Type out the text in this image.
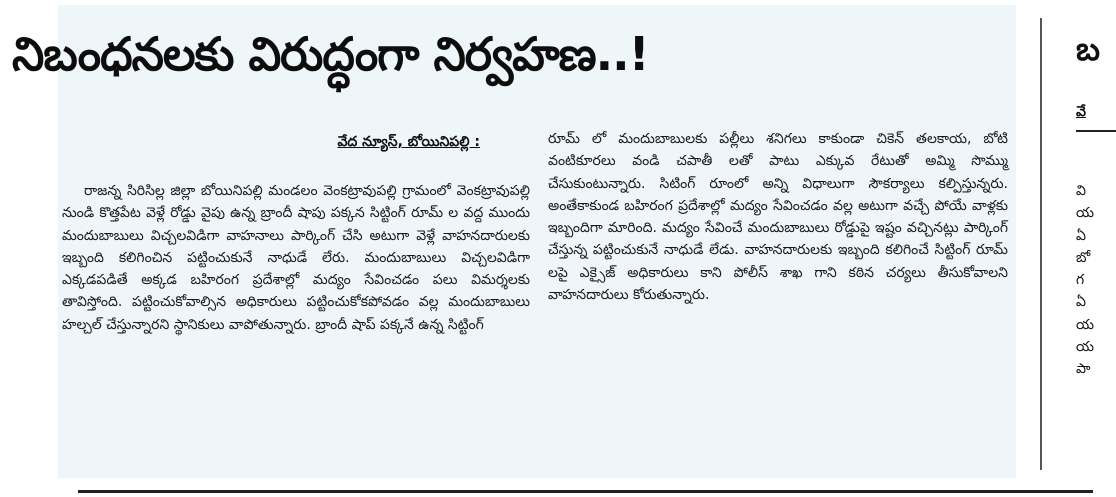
నిబంధనలకు విరుద్ధంగా నిర్వహణ..!
వేద న్యూస్, బోయినిపల్లి :
రాజన్న సిరిసిల్ల జిల్లా బోయినిపల్లి మండలం వెంకట్రావుపల్లి గ్రామంలో వెంకట్రావుపల్లి నుండి కొత్తపేట వెళ్లే రోడ్డు వైపు ఉన్న బ్రాందీ షాపు పక్కన సిట్టింగ్ రూమ్ ల వద్ద ముందు మందుబాబులు విచ్చలవిడిగా వాహనాలు పార్కింగ్ చేసి అటుగా వెళ్లే వాహనదారులకు ఇబ్బంది కలిగించిన పట్టించుకునే నాధుడే లేరు. మందుబాబులు విచ్చలవిడిగా ఎక్కడపడితే అక్కడ బహిరంగ ప్రదేశాల్లో మద్యం సేవించడం పలు విమర్శలకు తావిస్తోంది. పట్టించుకోవాల్సిన అధికారులు పట్టించుకోకపోవడం వల్ల మందుబాబులు హల్చల్ చేస్తున్నారని స్థానికులు వాపోతున్నారు. బ్రాందీ షాప్ పక్కనే ఉన్న సిట్టింగ్
రూమ్ లో మందుబాబులకు పల్లీలు శనిగలు కాకుండా చికెన్ తలకాయ, బోటి వంటికూరలు వండి చపాతీ లతో పాటు ఎక్కువ రేటుతో అమ్మి సొమ్ము చేసుకుంటున్నారు. సిటింగ్ రూంలో అన్ని విధాలుగా సౌకర్యాలు కల్పిస్తున్నరు. అంతేకాకుండ బహిరంగ ప్రదేశాల్లో మద్యం సేవించడం వల్ల అటుగా వచ్చే పోయే వాళ్లకు ఇబ్బందిగా మారింది. మద్యం సేవించే మందుబాబులు రోడ్డుపై ఇష్టం వచ్చినట్లు పార్కింగ్ చేస్తున్న పట్టించుకునే నాధుడే లేడు. వాహనదారులకు ఇబ్బంది కలిగించే సిట్టింగ్ రూమ్ లపై ఎక్సైజ్ అధికారులు కాని పోలీస్ శాఖ గాని కఠిన చర్యలు తీసుకోవాలని వాహనదారులు కోరుతున్నారు.
బ
వే
వి
య
ఏ
బో
గ
ఏ
య
య
పా
